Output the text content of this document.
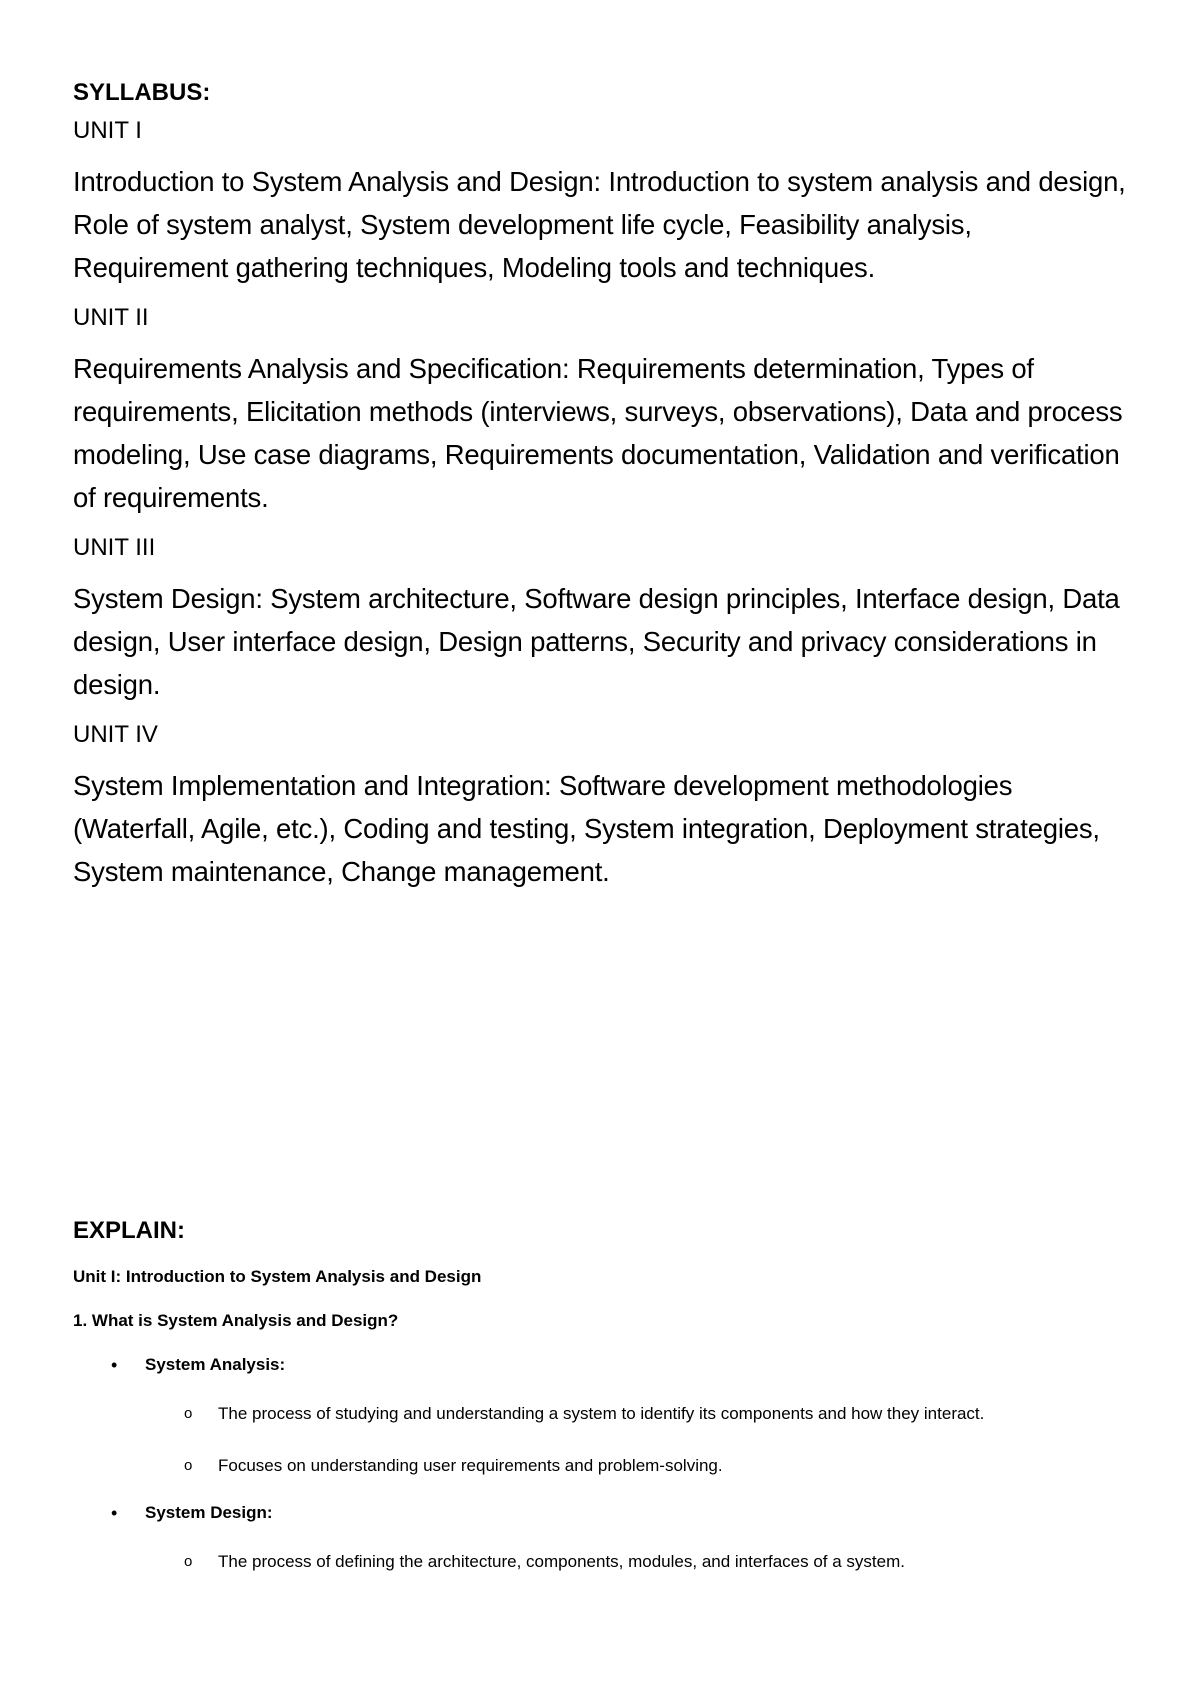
SYLLABUS:

UNIT I

Introduction to System Analysis and Design: Introduction to system analysis and design, Role of system analyst, System development life cycle, Feasibility analysis, Requirement gathering techniques, Modeling tools and techniques.

UNIT II

Requirements Analysis and Specification: Requirements determination, Types of requirements, Elicitation methods (interviews, surveys, observations), Data and process modeling, Use case diagrams, Requirements documentation, Validation and verification of requirements.

UNIT III

System Design: System architecture, Software design principles, Interface design, Data design, User interface design, Design patterns, Security and privacy considerations in design.

UNIT IV

System Implementation and Integration: Software development methodologies (Waterfall, Agile, etc.), Coding and testing, System integration, Deployment strategies, System maintenance, Change management.

EXPLAIN:

Unit I: Introduction to System Analysis and Design

1. What is System Analysis and Design?

• System Analysis:
o The process of studying and understanding a system to identify its components and how they interact.
o Focuses on understanding user requirements and problem-solving.
• System Design:
o The process of defining the architecture, components, modules, and interfaces of a system.
